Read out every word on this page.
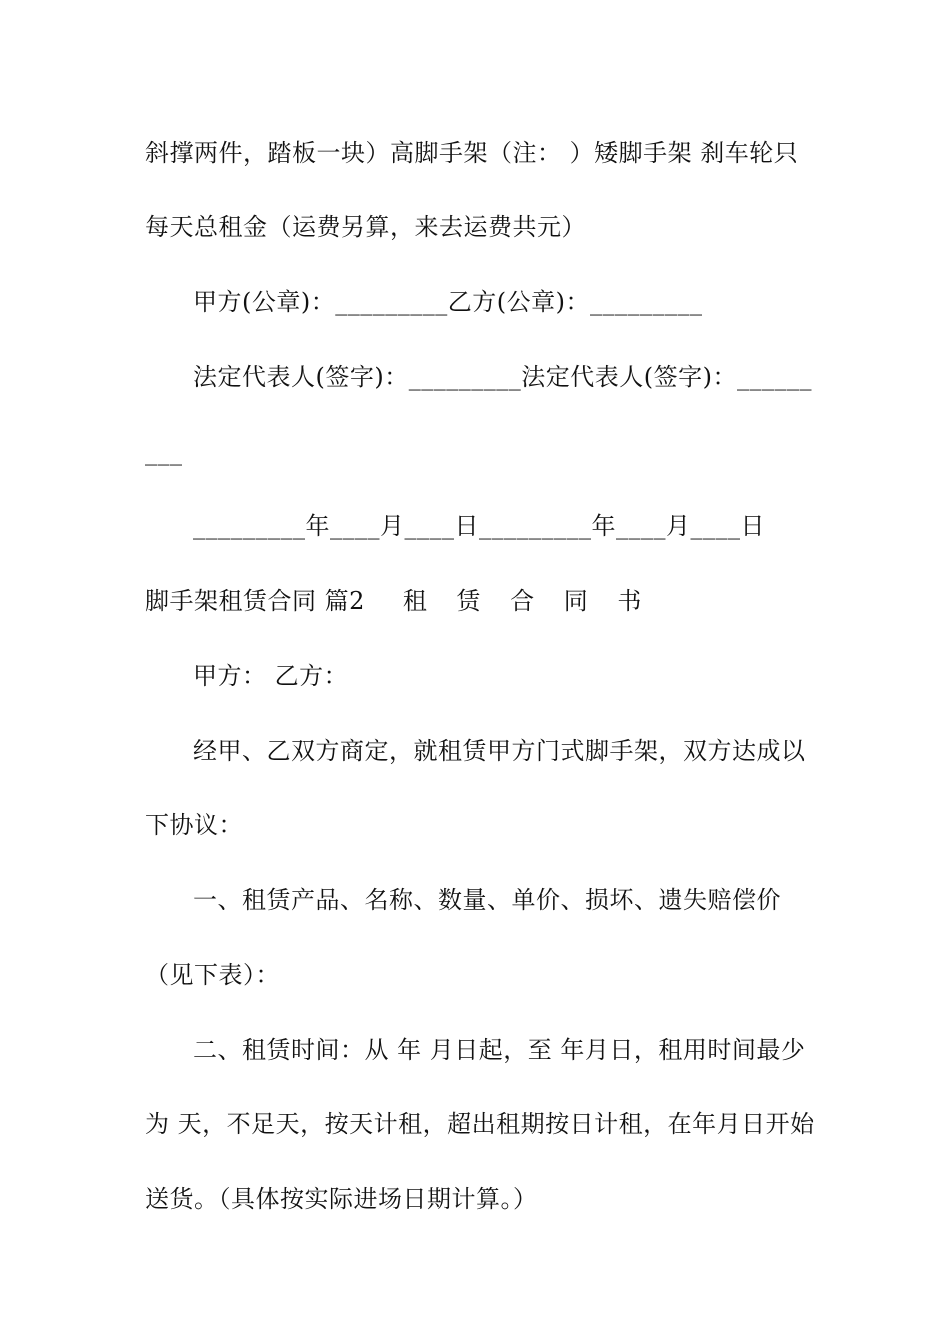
斜撑两件，踏板一块）高脚手架（注： ）矮脚手架 刹车轮只
每天总租金（运费另算，来去运费共元）
甲方(公章)：_________乙方(公章)：_________
法定代表人(签字)：_________法定代表人(签字)：______
___
_________年____月____日_________年____月____日
脚手架租赁合同 篇2 租 赁 合 同 书
甲方： 乙方：
经甲、乙双方商定，就租赁甲方门式脚手架，双方达成以
下协议：
一、租赁产品、名称、数量、单价、损坏、遗失赔偿价
（见下表）：
二、租赁时间：从 年 月日起，至 年月日，租用时间最少
为 天，不足天，按天计租，超出租期按日计租，在年月日开始
送货。（具体按实际进场日期计算。）
